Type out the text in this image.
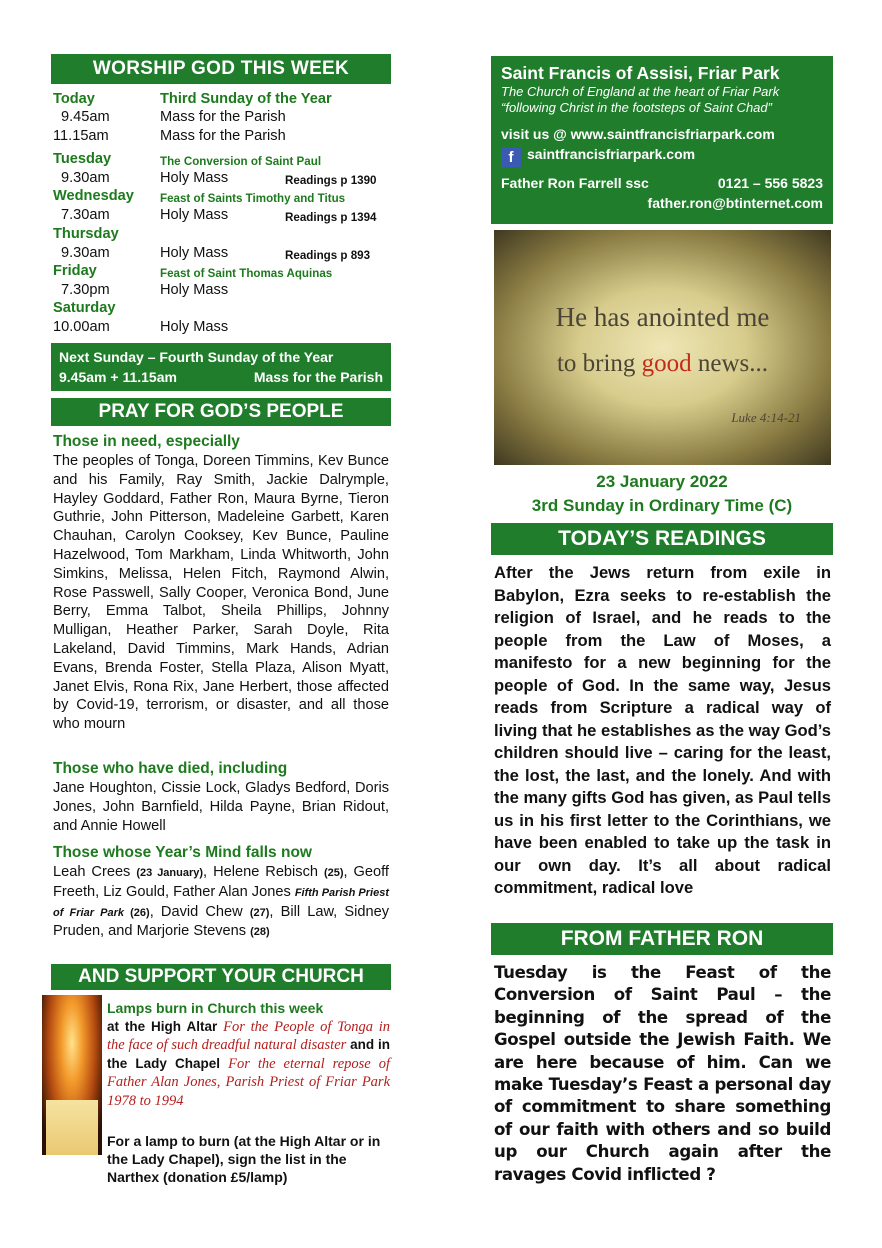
WORSHIP GOD THIS WEEK
Today	Third Sunday of the Year
9.45am	Mass for the Parish
11.15am	Mass for the Parish
Tuesday	The Conversion of Saint Paul
9.30am	Holy Mass	Readings p 1390
Wednesday Feast of Saints Timothy and Titus
7.30am	Holy Mass	Readings p 1394
Thursday
9.30am	Holy Mass	Readings p 893
Friday	Feast of Saint Thomas Aquinas
7.30pm	Holy Mass
Saturday
10.00am	Holy Mass
Next Sunday – Fourth Sunday of the Year
9.45am + 11.15am	Mass for the Parish
PRAY FOR GOD’S PEOPLE
Those in need, especially
The peoples of Tonga, Doreen Timmins, Kev Bunce and his Family, Ray Smith, Jackie Dalrymple, Hayley Goddard, Father Ron, Maura Byrne, Tieron Guthrie, John Pitterson, Madeleine Garbett, Karen Chauhan, Carolyn Cooksey, Kev Bunce, Pauline Hazelwood, Tom Markham, Linda Whitworth, John Simkins, Melissa, Helen Fitch, Raymond Alwin, Rose Passwell, Sally Cooper, Veronica Bond, June Berry, Emma Talbot, Sheila Phillips, Johnny Mulligan, Heather Parker, Sarah Doyle, Rita Lakeland, David Timmins, Mark Hands, Adrian Evans, Brenda Foster, Stella Plaza, Alison Myatt, Janet Elvis, Rona Rix, Jane Herbert, those affected by Covid-19, terrorism, or disaster, and all those who mourn
Those who have died, including
Jane Houghton, Cissie Lock, Gladys Bedford, Doris Jones, John Barnfield, Hilda Payne, Brian Ridout, and Annie Howell
Those whose Year’s Mind falls now
Leah Crees (23 January), Helene Rebisch (25), Geoff Freeth, Liz Gould, Father Alan Jones Fifth Parish Priest of Friar Park (26), David Chew (27), Bill Law, Sidney Pruden, and Marjorie Stevens (28)
AND SUPPORT YOUR CHURCH
Lamps burn in Church this week
at the High Altar For the People of Tonga in the face of such dreadful natural disaster and in the Lady Chapel For the eternal repose of Father Alan Jones, Parish Priest of Friar Park 1978 to 1994
For a lamp to burn (at the High Altar or in the Lady Chapel), sign the list in the Narthex (donation £5/lamp)
Saint Francis of Assisi, Friar Park
The Church of England at the heart of Friar Park
“following Christ in the footsteps of Saint Chad”
visit us @ www.saintfrancisfriarpark.com
f saintfrancisfriarpark.com
Father Ron Farrell ssc	0121 – 556 5823
father.ron@btinternet.com
He has anointed me
to bring good news...
Luke 4:14-21
23 January 2022
3rd Sunday in Ordinary Time (C)
TODAY’S READINGS
After the Jews return from exile in Babylon, Ezra seeks to re-establish the religion of Israel, and he reads to the people from the Law of Moses, a manifesto for a new beginning for the people of God. In the same way, Jesus reads from Scripture a radical way of living that he establishes as the way God’s children should live – caring for the least, the lost, the last, and the lonely. And with the many gifts God has given, as Paul tells us in his first letter to the Corinthians, we have been enabled to take up the task in our own day. It’s all about radical commitment, radical love
FROM FATHER RON
Tuesday is the Feast of the Conversion of Saint Paul – the beginning of the spread of the Gospel outside the Jewish Faith. We are here because of him. Can we make Tuesday’s Feast a personal day of commitment to share something of our faith with others and so build up our Church again after the ravages Covid inflicted ?
